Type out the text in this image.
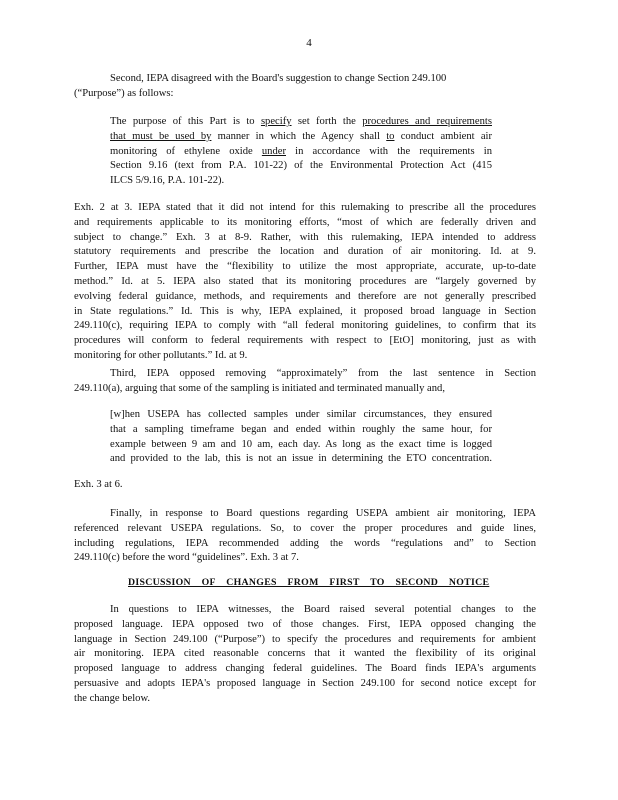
4
Second, IEPA disagreed with the Board's suggestion to change Section 249.100
(“Purpose”) as follows:
The purpose of this Part is to specify set forth the procedures and requirements
that must be used by manner in which the Agency shall to conduct ambient air
monitoring of ethylene oxide under in accordance with the requirements in
Section 9.16 (text from P.A. 101-22) of the Environmental Protection Act (415
ILCS 5/9.16, P.A. 101-22).
Exh. 2 at 3. IEPA stated that it did not intend for this rulemaking to prescribe all the procedures
and requirements applicable to its monitoring efforts, “most of which are federally driven and
subject to change.” Exh. 3 at 8-9. Rather, with this rulemaking, IEPA intended to address
statutory requirements and prescribe the location and duration of air monitoring. Id. at 9.
Further, IEPA must have the “flexibility to utilize the most appropriate, accurate, up-to-date
method.” Id. at 5. IEPA also stated that its monitoring procedures are “largely governed by
evolving federal guidance, methods, and requirements and therefore are not generally prescribed
in State regulations.” Id. This is why, IEPA explained, it proposed broad language in Section
249.110(c), requiring IEPA to comply with “all federal monitoring guidelines, to confirm that its
procedures will conform to federal requirements with respect to [EtO] monitoring, just as with
monitoring for other pollutants.” Id. at 9.
Third, IEPA opposed removing “approximately” from the last sentence in Section
249.110(a), arguing that some of the sampling is initiated and terminated manually and,
[w]hen USEPA has collected samples under similar circumstances, they ensured
that a sampling timeframe began and ended within roughly the same hour, for
example between 9 am and 10 am, each day. As long as the exact time is logged
and provided to the lab, this is not an issue in determining the ETO concentration.
Exh. 3 at 6.
Finally, in response to Board questions regarding USEPA ambient air monitoring, IEPA
referenced relevant USEPA regulations. So, to cover the proper procedures and guide lines,
including regulations, IEPA recommended adding the words “regulations and” to Section
249.110(c) before the word “guidelines”. Exh. 3 at 7.
DISCUSSION OF CHANGES FROM FIRST TO SECOND NOTICE
In questions to IEPA witnesses, the Board raised several potential changes to the
proposed language. IEPA opposed two of those changes. First, IEPA opposed changing the
language in Section 249.100 (“Purpose”) to specify the procedures and requirements for ambient
air monitoring. IEPA cited reasonable concerns that it wanted the flexibility of its original
proposed language to address changing federal guidelines. The Board finds IEPA's arguments
persuasive and adopts IEPA's proposed language in Section 249.100 for second notice except for
the change below.
